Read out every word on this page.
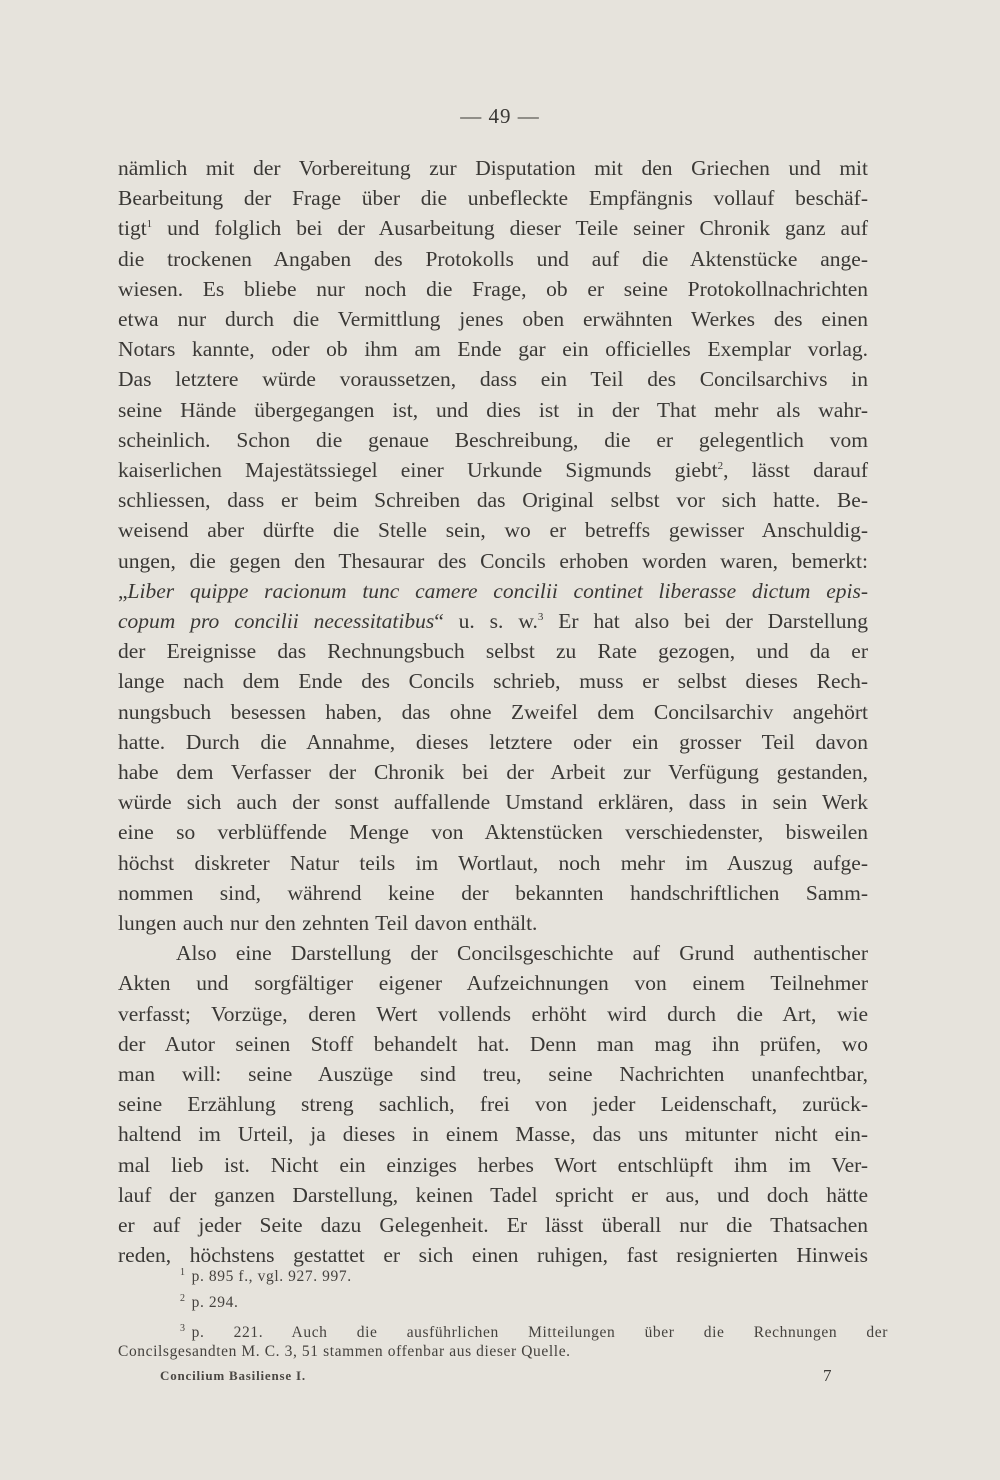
— 49 —
nämlich mit der Vorbereitung zur Disputation mit den Griechen und mit
Bearbeitung der Frage über die unbefleckte Empfängnis vollauf beschäf-
tigt$^1$ und folglich bei der Ausarbeitung dieser Teile seiner Chronik ganz auf
die trockenen Angaben des Protokolls und auf die Aktenstücke ange-
wiesen. Es bliebe nur noch die Frage, ob er seine Protokollnachrichten
etwa nur durch die Vermittlung jenes oben erwähnten Werkes des einen
Notars kannte, oder ob ihm am Ende gar ein officielles Exemplar vorlag.
Das letztere würde voraussetzen, dass ein Teil des Concilsarchivs in
seine Hände übergegangen ist, und dies ist in der That mehr als wahr-
scheinlich. Schon die genaue Beschreibung, die er gelegentlich vom
kaiserlichen Majestätssiegel einer Urkunde Sigmunds giebt$^2$, lässt darauf
schliessen, dass er beim Schreiben das Original selbst vor sich hatte. Be-
weisend aber dürfte die Stelle sein, wo er betreffs gewisser Anschuldig-
ungen, die gegen den Thesaurar des Concils erhoben worden waren, bemerkt:
„Liber quippe racionum tunc camere concilii continet liberasse dictum epis-
copum pro concilii necessitatibus“ u. s. w.$^3$ Er hat also bei der Darstellung
der Ereignisse das Rechnungsbuch selbst zu Rate gezogen, und da er
lange nach dem Ende des Concils schrieb, muss er selbst dieses Rech-
nungsbuch besessen haben, das ohne Zweifel dem Concilsarchiv angehört
hatte. Durch die Annahme, dieses letztere oder ein grosser Teil davon
habe dem Verfasser der Chronik bei der Arbeit zur Verfügung gestanden,
würde sich auch der sonst auffallende Umstand erklären, dass in sein Werk
eine so verblüffende Menge von Aktenstücken verschiedenster, bisweilen
höchst diskreter Natur teils im Wortlaut, noch mehr im Auszug aufge-
nommen sind, während keine der bekannten handschriftlichen Samm-
lungen auch nur den zehnten Teil davon enthält.
Also eine Darstellung der Concilsgeschichte auf Grund authentischer
Akten und sorgfältiger eigener Aufzeichnungen von einem Teilnehmer
verfasst; Vorzüge, deren Wert vollends erhöht wird durch die Art, wie
der Autor seinen Stoff behandelt hat. Denn man mag ihn prüfen, wo
man will: seine Auszüge sind treu, seine Nachrichten unanfechtbar,
seine Erzählung streng sachlich, frei von jeder Leidenschaft, zurück-
haltend im Urteil, ja dieses in einem Masse, das uns mitunter nicht ein-
mal lieb ist. Nicht ein einziges herbes Wort entschlüpft ihm im Ver-
lauf der ganzen Darstellung, keinen Tadel spricht er aus, und doch hätte
er auf jeder Seite dazu Gelegenheit. Er lässt überall nur die Thatsachen
reden, höchstens gestattet er sich einen ruhigen, fast resignierten Hinweis
$^1$ p. 895 f., vgl. 927. 997.
$^2$ p. 294.
$^3$ p. 221. Auch die ausführlichen Mitteilungen über die Rechnungen der
Concilsgesandten M. C. 3, 51 stammen offenbar aus dieser Quelle.
Concilium Basiliense I.	7
